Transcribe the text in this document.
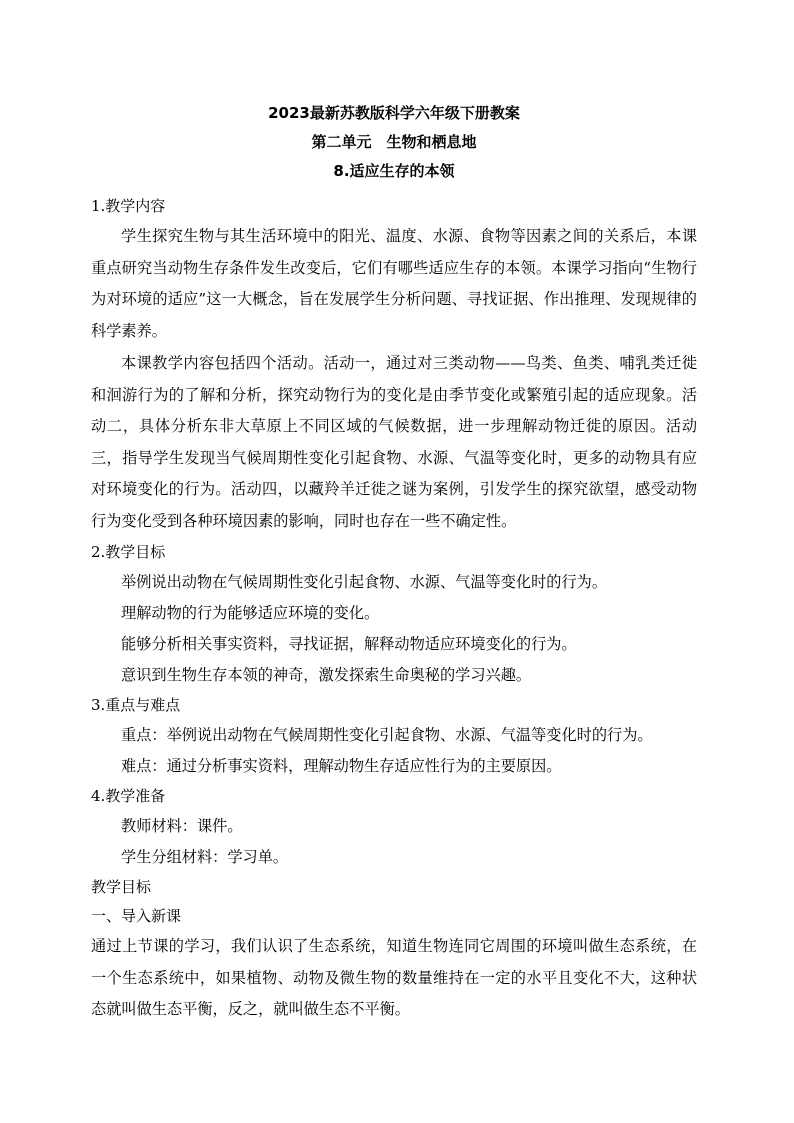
2023最新苏教版科学六年级下册教案
第二单元　生物和栖息地
8.适应生存的本领
1.教学内容

学生探究生物与其生活环境中的阳光、温度、水源、食物等因素之间的关系后，本课重点研究当动物生存条件发生改变后，它们有哪些适应生存的本领。本课学习指向“生物行为对环境的适应”这一大概念，旨在发展学生分析问题、寻找证据、作出推理、发现规律的科学素养。

本课教学内容包括四个活动。活动一，通过对三类动物——鸟类、鱼类、哺乳类迁徙和洄游行为的了解和分析，探究动物行为的变化是由季节变化或繁殖引起的适应现象。活动二，具体分析东非大草原上不同区域的气候数据，进一步理解动物迁徙的原因。活动三，指导学生发现当气候周期性变化引起食物、水源、气温等变化时，更多的动物具有应对环境变化的行为。活动四，以藏羚羊迁徙之谜为案例，引发学生的探究欲望，感受动物行为变化受到各种环境因素的影响，同时也存在一些不确定性。

2.教学目标
举例说出动物在气候周期性变化引起食物、水源、气温等变化时的行为。
理解动物的行为能够适应环境的变化。
能够分析相关事实资料，寻找证据，解释动物适应环境变化的行为。
意识到生物生存本领的神奇，激发探索生命奥秘的学习兴趣。
3.重点与难点
重点：举例说出动物在气候周期性变化引起食物、水源、气温等变化时的行为。
难点：通过分析事实资料，理解动物生存适应性行为的主要原因。
4.教学准备
教师材料：课件。
学生分组材料：学习单。
教学目标
一、导入新课

通过上节课的学习，我们认识了生态系统，知道生物连同它周围的环境叫做生态系统，在一个生态系统中，如果植物、动物及微生物的数量维持在一定的水平且变化不大，这种状态就叫做生态平衡，反之，就叫做生态不平衡。
